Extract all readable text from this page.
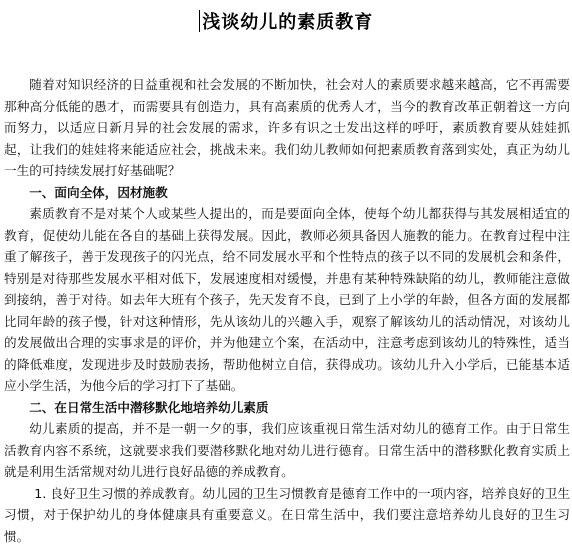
浅谈幼儿的素质教育

随着对知识经济的日益重视和社会发展的不断加快，社会对人的素质要求越来越高，它不再需要那种高分低能的愚才，而需要具有创造力，具有高素质的优秀人才，当今的教育改革正朝着这一方向而努力，以适应日新月异的社会发展的需求，许多有识之士发出这样的呼吁，素质教育要从娃娃抓起，让我们的娃娃将来能适应社会，挑战未来。我们幼儿教师如何把素质教育落到实处，真正为幼儿一生的可持续发展打好基础呢？

一、面向全体，因材施教

素质教育不是对某个人或某些人提出的，而是要面向全体，使每个幼儿都获得与其发展相适宜的教育，促使幼儿能在各自的基础上获得发展。因此，教师必须具备因人施教的能力。在教育过程中注重了解孩子，善于发现孩子的闪光点，给不同发展水平和个性特点的孩子以不同的发展机会和条件，特别是对待那些发展水平相对低下，发展速度相对缓慢，并患有某种特殊缺陷的幼儿，教师能注意做到接纳，善于对待。如去年大班有个孩子，先天发育不良，已到了上小学的年龄，但各方面的发展都比同年龄的孩子慢，针对这种情形，先从该幼儿的兴趣入手，观察了解该幼儿的活动情况，对该幼儿的发展做出合理的实事求是的评价，并为他建立个案，在活动中，注意考虑到该幼儿的特殊性，适当的降低难度，发现进步及时鼓励表扬，帮助他树立自信，获得成功。该幼儿升入小学后，已能基本适应小学生活，为他今后的学习打下了基础。

二、在日常生活中潜移默化地培养幼儿素质

幼儿素质的提高，并不是一朝一夕的事，我们应该重视日常生活对幼儿的德育工作。由于日常生活教育内容不系统，这就要求我们要潜移默化地对幼儿进行德育。日常生活中的潜移默化教育实质上就是利用生活常规对幼儿进行良好品德的养成教育。

1. 良好卫生习惯的养成教育。幼儿园的卫生习惯教育是德育工作中的一项内容，培养良好的卫生习惯，对于保护幼儿的身体健康具有重要意义。在日常生活中，我们要注意培养幼儿良好的卫生习惯。
